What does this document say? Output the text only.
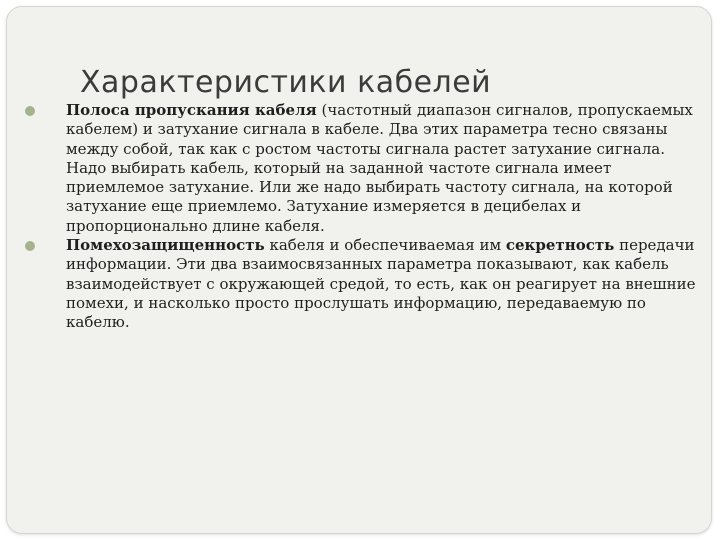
Характеристики кабелей
Полоса пропускания кабеля (частотный диапазон сигналов, пропускаемых кабелем) и затухание сигнала в кабеле. Два этих параметра тесно связаны между собой, так как с ростом частоты сигнала растет затухание сигнала. Надо выбирать кабель, который на заданной частоте сигнала имеет приемлемое затухание. Или же надо выбирать частоту сигнала, на которой затухание еще приемлемо. Затухание измеряется в децибелах и пропорционально длине кабеля.
Помехозащищенность кабеля и обеспечиваемая им секретность передачи информации. Эти два взаимосвязанных параметра показывают, как кабель взаимодействует с окружающей средой, то есть, как он реагирует на внешние помехи, и насколько просто прослушать информацию, передаваемую по кабелю.
